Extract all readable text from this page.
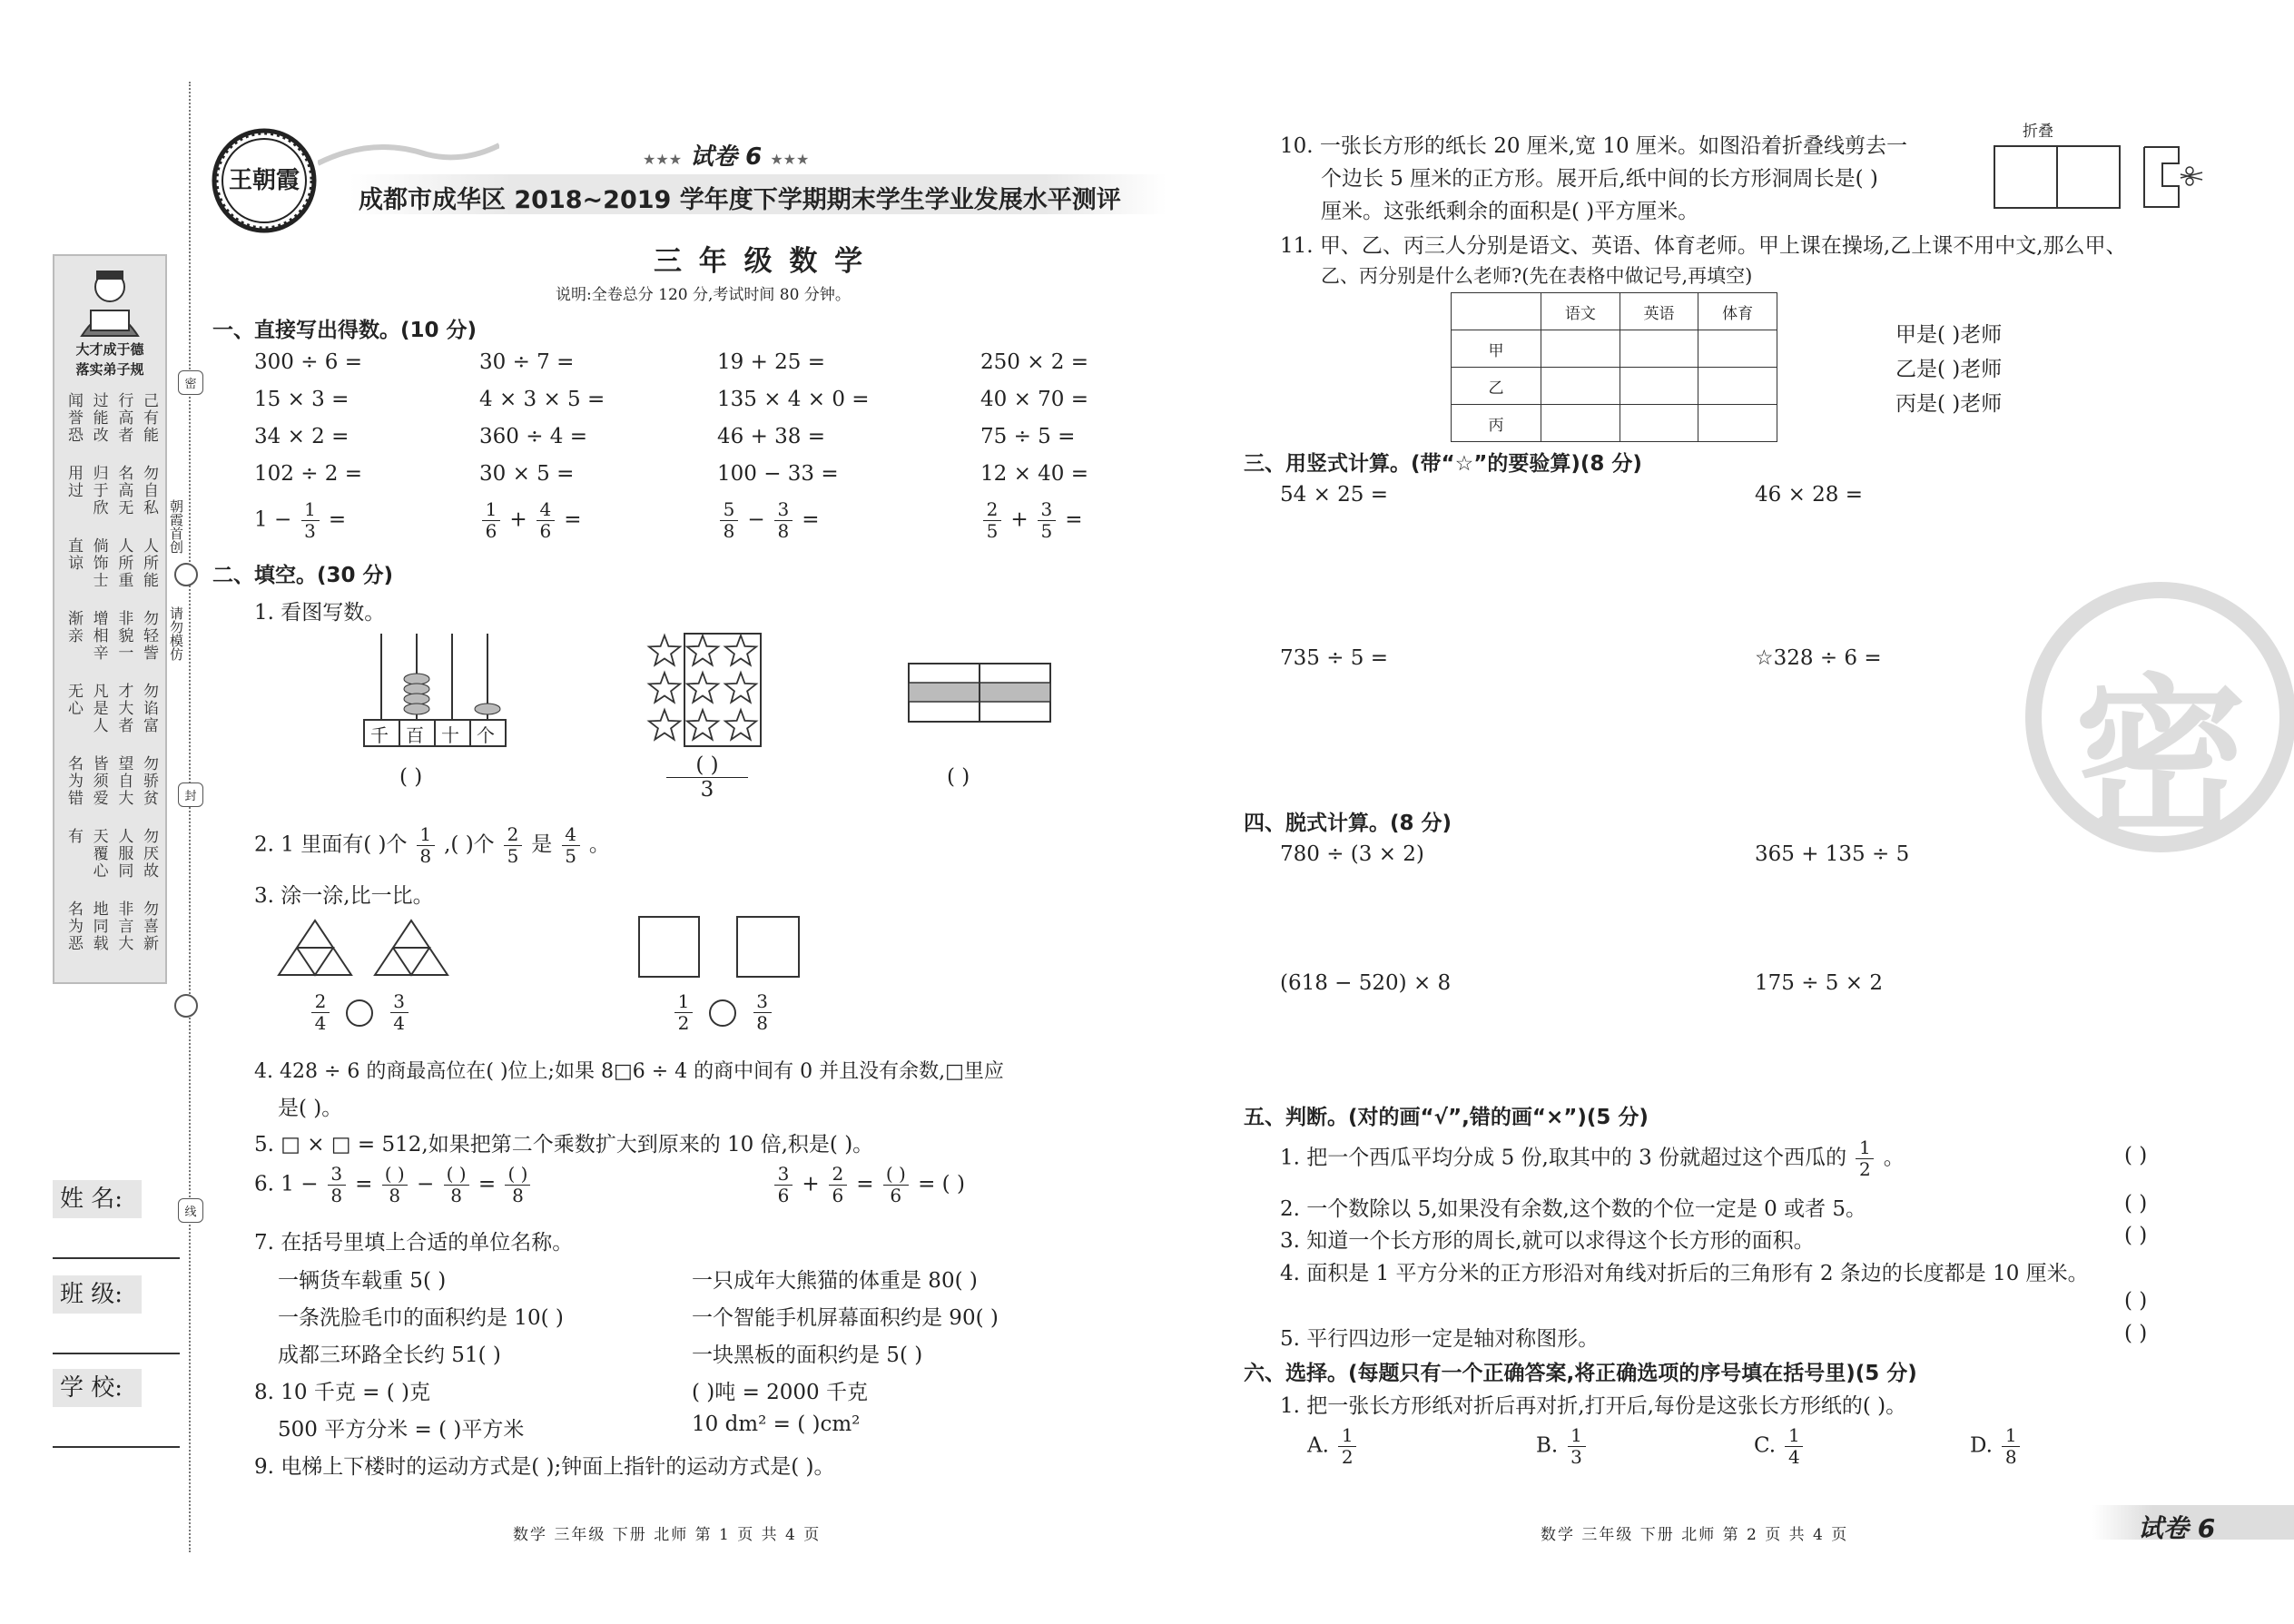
大才成于德
落实弟子规
己有能
行高者
过能改
闻誉恐
勿自私
名高无
归于欣
用过
人所能
人所重
倘饰士
直谅
勿轻訾
非貌一
增相辛
渐亲
勿谄富
才大者
凡是人
无心
勿骄贫
望自大
皆须爱
名为错
勿厌故
人服同
天覆心
有
勿喜新
非言大
地同载
名为恶
密
朝霞首创
请勿模仿
封
线
姓 名:
班 级:
学 校:
王朝霞
★★★ 试卷 6 ★★★
成都市成华区 2018~2019 学年度下学期期末学生学业发展水平测评
三 年 级 数 学
说明:全卷总分 120 分,考试时间 80 分钟。
一、直接写出得数。(10 分)
300 ÷ 6 =	30 ÷ 7 =	19 + 25 =	250 × 2 =
15 × 3 =	4 × 3 × 5 =	135 × 4 × 0 =	40 × 70 =
34 × 2 =	360 ÷ 4 =	46 + 38 =	75 ÷ 5 =
102 ÷ 2 =	30 × 5 =	100 − 33 =	12 × 40 =
$1 - \frac{1}{3}$ =	$\frac{1}{6} + \frac{4}{6}$ =	$\frac{5}{8} - \frac{3}{8}$ =	$\frac{2}{5} + \frac{3}{5}$ =
二、填空。(30 分)
1. 看图写数。
千 百 十 个
( )	( )
3
( )
2. 1 里面有( )个 $\frac{1}{8}$ ,( )个 $\frac{2}{5}$ 是 $\frac{4}{5}$ 。
3. 涂一涂,比一比。
$\frac{2}{4}$
	$\frac{3}{4}$	$\frac{1}{2}$
	$\frac{3}{8}$
4. 428 ÷ 6 的商最高位在( )位上;如果 8□6 ÷ 4 的商中间有 0 并且没有余数,□里应
是( )。
5. □ × □ = 512,如果把第二个乘数扩大到原来的 10 倍,积是( )。
6. $1 - \frac{3}{8} = \frac{( )}{8} - \frac{( )}{8} = \frac{( )}{8}$	$\frac{3}{6} + \frac{2}{6} = \frac{( )}{6}$ = ( )
7. 在括号里填上合适的单位名称。
一辆货车载重 5( )	一只成年大熊猫的体重是 80( )
一条洗脸毛巾的面积约是 10( )	一个智能手机屏幕面积约是 90( )
成都三环路全长约 51( )	一块黑板的面积约是 5( )
8. 10 千克 = ( )克	( )吨 = 2000 千克
500 平方分米 = ( )平方米	10 dm² = ( )cm²
9. 电梯上下楼时的运动方式是( );钟面上指针的运动方式是( )。
10. 一张长方形的纸长 20 厘米,宽 10 厘米。如图沿着折叠线剪去一
个边长 5 厘米的正方形。展开后,纸中间的长方形洞周长是( )
厘米。这张纸剩余的面积是( )平方厘米。
折叠
11. 甲、乙、丙三人分别是语文、英语、体育老师。甲上课在操场,乙上课不用中文,那么甲、
乙、丙分别是什么老师?(先在表格中做记号,再填空)
	语文	英语	体育
甲			
乙			
丙			
甲是( )老师
乙是( )老师
丙是( )老师
三、用竖式计算。(带“☆”的要验算)(8 分)
54 × 25 =	46 × 28 =
735 ÷ 5 =	☆328 ÷ 6 =
密
四、脱式计算。(8 分)
780 ÷ (3 × 2)	365 + 135 ÷ 5
(618 − 520) × 8	175 ÷ 5 × 2
五、判断。(对的画“√”,错的画“×”)(5 分)
1. 把一个西瓜平均分成 5 份,取其中的 3 份就超过这个西瓜的 $\frac{1}{2}$ 。	( )
2. 一个数除以 5,如果没有余数,这个数的个位一定是 0 或者 5。	( )
3. 知道一个长方形的周长,就可以求得这个长方形的面积。	( )
4. 面积是 1 平方分米的正方形沿对角线对折后的三角形有 2 条边的长度都是 10 厘米。
( )
5. 平行四边形一定是轴对称图形。	( )
六、选择。(每题只有一个正确答案,将正确选项的序号填在括号里)(5 分)
1. 把一张长方形纸对折后再对折,打开后,每份是这张长方形纸的( )。
A. $\frac{1}{2}$	B. $\frac{1}{3}$	C. $\frac{1}{4}$	D. $\frac{1}{8}$
数学 三年级 下册 北师 第 1 页 共 4 页	数学 三年级 下册 北师 第 2 页 共 4 页	试卷 6
